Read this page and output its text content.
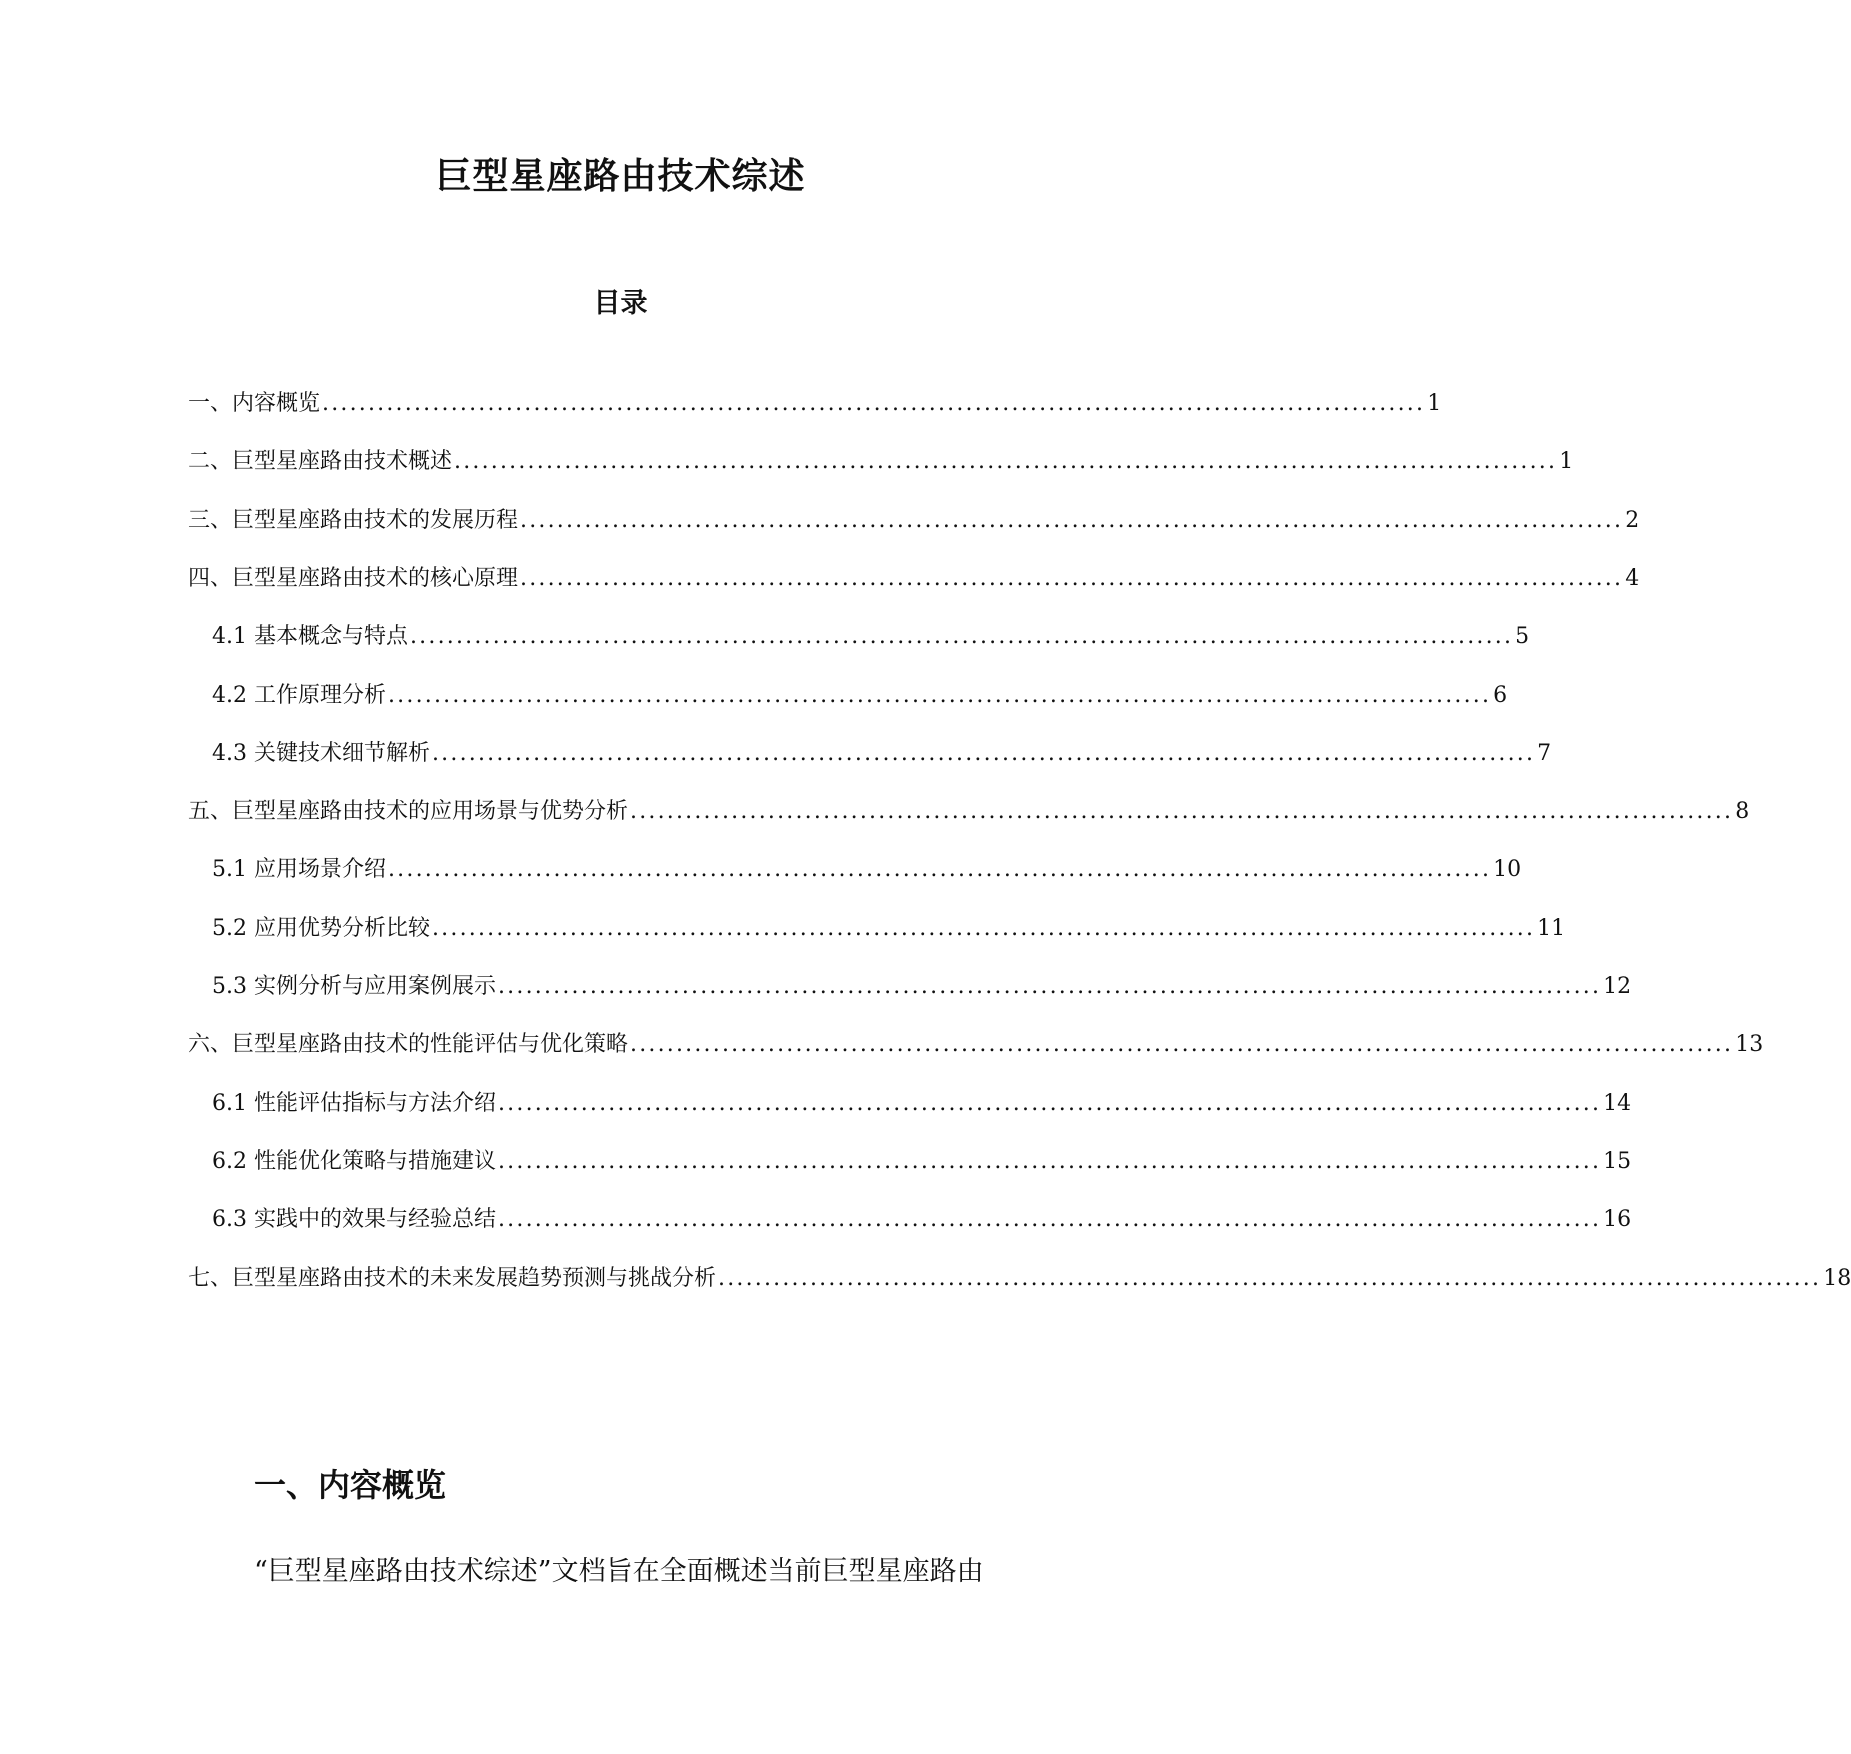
巨型星座路由技术综述
目录
一、内容概览 ........................................................................................................................ 1
二、巨型星座路由技术概述 ........................................................................................................................ 1
三、巨型星座路由技术的发展历程 ........................................................................................................................ 2
四、巨型星座路由技术的核心原理 ........................................................................................................................ 4
4.1 基本概念与特点 ........................................................................................................................ 5
4.2 工作原理分析 ........................................................................................................................ 6
4.3 关键技术细节解析 ........................................................................................................................ 7
五、巨型星座路由技术的应用场景与优势分析 ........................................................................................................................ 8
5.1 应用场景介绍 ........................................................................................................................ 10
5.2 应用优势分析比较 ........................................................................................................................ 11
5.3 实例分析与应用案例展示 ........................................................................................................................ 12
六、巨型星座路由技术的性能评估与优化策略 ........................................................................................................................ 13
6.1 性能评估指标与方法介绍 ........................................................................................................................ 14
6.2 性能优化策略与措施建议 ........................................................................................................................ 15
6.3 实践中的效果与经验总结 ........................................................................................................................ 16
七、巨型星座路由技术的未来发展趋势预测与挑战分析 ........................................................................................................................ 18
一、内容概览

“巨型星座路由技术综述”文档旨在全面概述当前巨型星座路由
